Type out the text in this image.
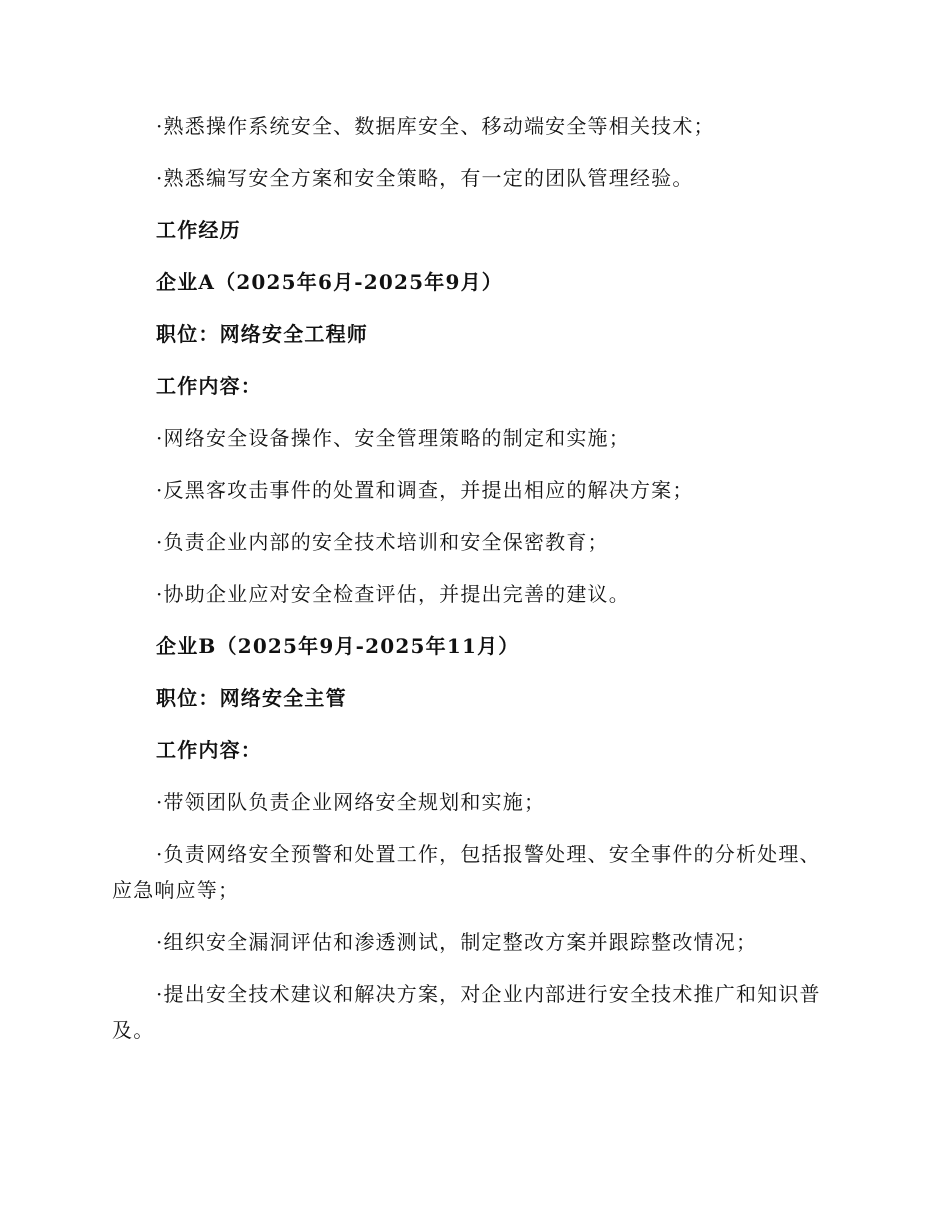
·熟悉操作系统安全、数据库安全、移动端安全等相关技术；

·熟悉编写安全方案和安全策略，有一定的团队管理经验。

工作经历

企业A（2025年6月-2025年9月）

职位：网络安全工程师

工作内容：

·网络安全设备操作、安全管理策略的制定和实施；

·反黑客攻击事件的处置和调查，并提出相应的解决方案；

·负责企业内部的安全技术培训和安全保密教育；

·协助企业应对安全检查评估，并提出完善的建议。

企业B（2025年9月-2025年11月）

职位：网络安全主管

工作内容：

·带领团队负责企业网络安全规划和实施；

·负责网络安全预警和处置工作，包括报警处理、安全事件的分析处理、应急响应等；

·组织安全漏洞评估和渗透测试，制定整改方案并跟踪整改情况；

·提出安全技术建议和解决方案，对企业内部进行安全技术推广和知识普及。
